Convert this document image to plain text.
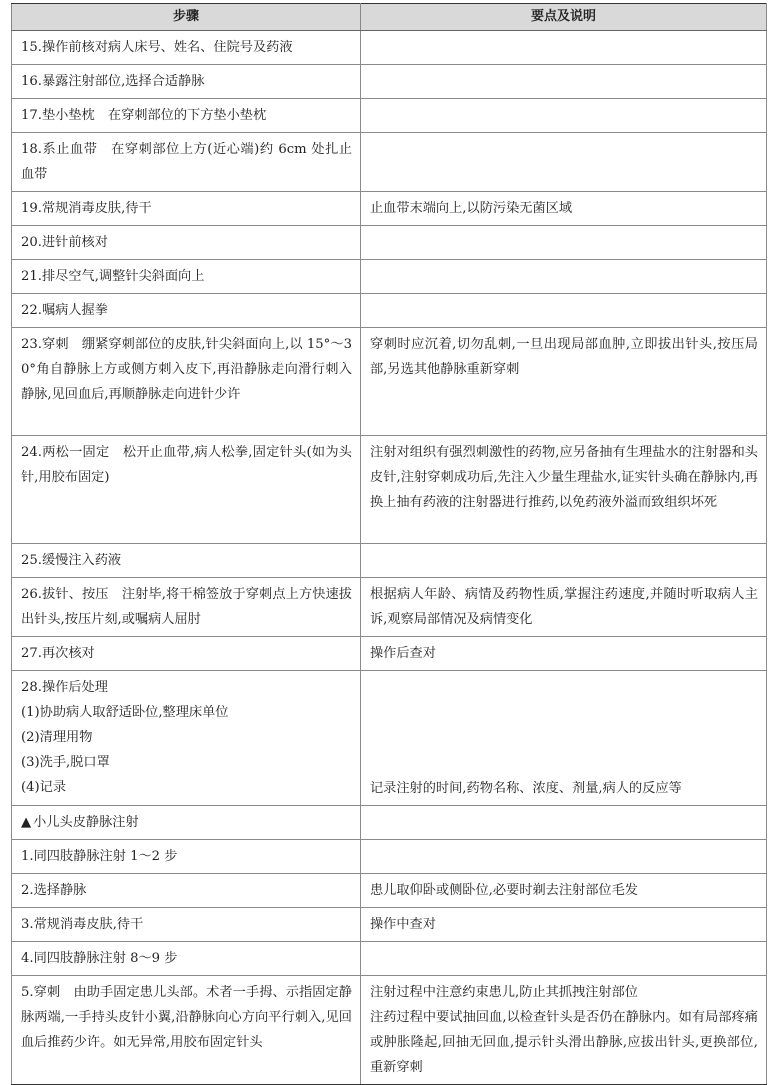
步骤	要点及说明

15.操作前核对病人床号、姓名、住院号及药液	

16.暴露注射部位,选择合适静脉	

17.垫小垫枕　在穿刺部位的下方垫小垫枕	

18.系止血带　在穿刺部位上方(近心端)约 6cm 处扎止血带	

19.常规消毒皮肤,待干	止血带末端向上,以防污染无菌区域

20.进针前核对	

21.排尽空气,调整针尖斜面向上	

22.嘱病人握拳	

23.穿刺　绷紧穿刺部位的皮肤,针尖斜面向上,以 15°～30°角自静脉上方或侧方刺入皮下,再沿静脉走向滑行刺入静脉,见回血后,再顺静脉走向进针少许	穿刺时应沉着,切勿乱刺,一旦出现局部血肿,立即拔出针头,按压局部,另选其他静脉重新穿刺

24.两松一固定　松开止血带,病人松拳,固定针头(如为头针,用胶布固定)	注射对组织有强烈刺激性的药物,应另备抽有生理盐水的注射器和头皮针,注射穿刺成功后,先注入少量生理盐水,证实针头确在静脉内,再换上抽有药液的注射器进行推药,以免药液外溢而致组织坏死

25.缓慢注入药液	

26.拔针、按压　注射毕,将干棉签放于穿刺点上方快速拔出针头,按压片刻,或嘱病人屈肘	根据病人年龄、病情及药物性质,掌握注药速度,并随时听取病人主诉,观察局部情况及病情变化

27.再次核对	操作后查对

28.操作后处理
(1)协助病人取舒适卧位,整理床单位
(2)清理用物
(3)洗手,脱口罩
(4)记录	记录注射的时间,药物名称、浓度、剂量,病人的反应等

▲ 小儿头皮静脉注射	

1.同四肢静脉注射 1～2 步	

2.选择静脉	患儿取仰卧或侧卧位,必要时剃去注射部位毛发

3.常规消毒皮肤,待干	操作中查对

4.同四肢静脉注射 8～9 步	

5.穿刺　由助手固定患儿头部。术者一手拇、示指固定静脉两端,一手持头皮针小翼,沿静脉向心方向平行刺入,见回血后推药少许。如无异常,用胶布固定针头	注射过程中注意约束患儿,防止其抓拽注射部位
注药过程中要试抽回血,以检查针头是否仍在静脉内。如有局部疼痛或肿胀隆起,回抽无回血,提示针头滑出静脉,应拔出针头,更换部位,重新穿刺
